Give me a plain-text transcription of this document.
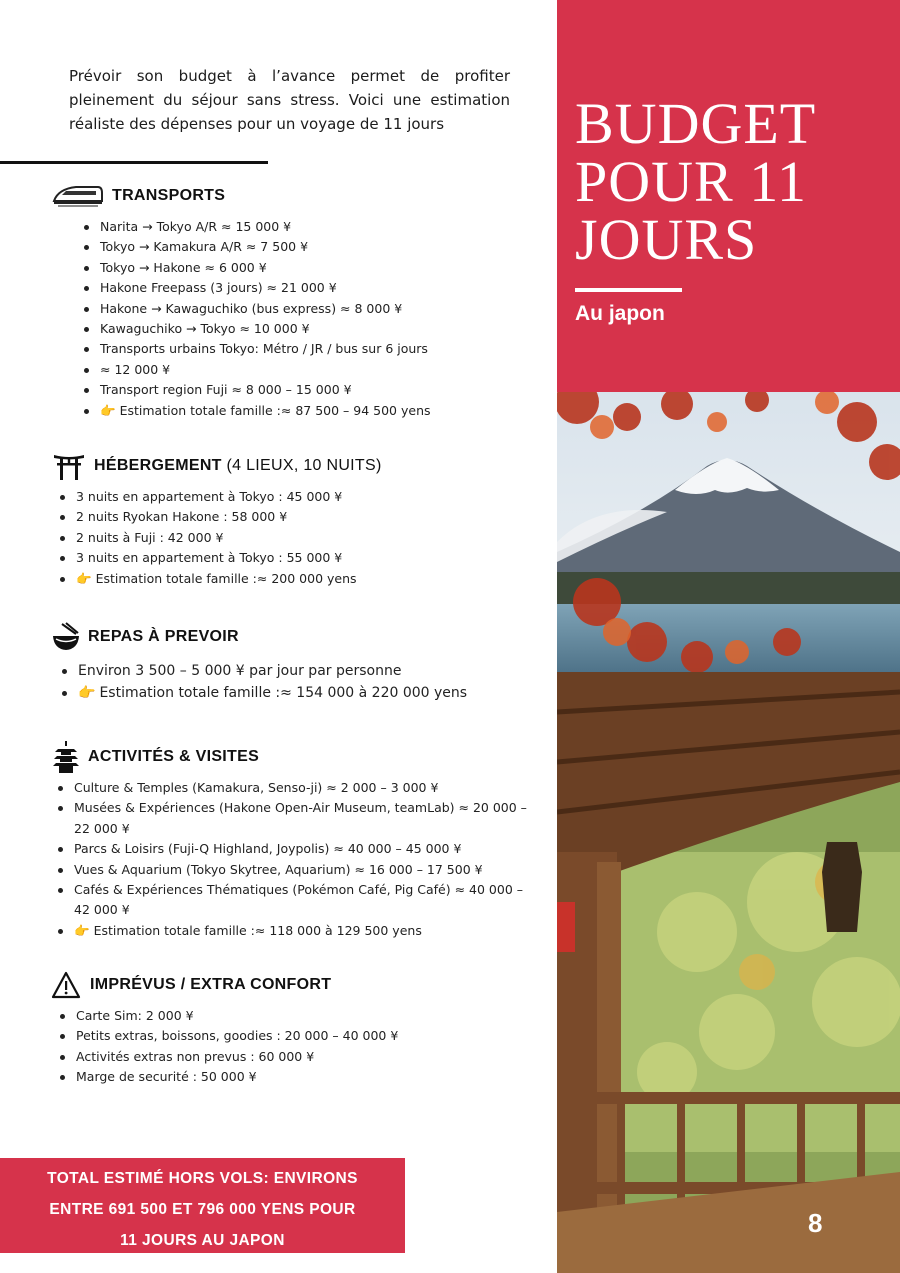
Prévoir son budget à l’avance permet de profiter pleinement du séjour sans stress. Voici une estimation réaliste des dépenses pour un voyage de 11 jours

TRANSPORTS
Narita → Tokyo A/R ≈ 15 000 ¥
Tokyo → Kamakura A/R ≈ 7 500 ¥
Tokyo → Hakone ≈ 6 000 ¥
Hakone Freepass (3 jours) ≈ 21 000 ¥
Hakone → Kawaguchiko (bus express) ≈ 8 000 ¥
Kawaguchiko → Tokyo ≈ 10 000 ¥
Transports urbains Tokyo: Métro / JR / bus sur 6 jours
≈ 12 000 ¥
Transport region Fuji ≈ 8 000 – 15 000 ¥
👉 Estimation totale famille :≈ 87 500 – 94 500 yens
HÉBERGEMENT (4 LIEUX, 10 NUITS)
3 nuits en appartement à Tokyo : 45 000 ¥
2 nuits Ryokan Hakone : 58 000 ¥
2 nuits à Fuji : 42 000 ¥
3 nuits en appartement à Tokyo : 55 000 ¥
👉 Estimation totale famille :≈ 200 000 yens
REPAS À PREVOIR
Environ 3 500 – 5 000 ¥ par jour par personne
👉 Estimation totale famille :≈ 154 000 à 220 000 yens
ACTIVITÉS & VISITES
Culture & Temples (Kamakura, Senso-ji) ≈ 2 000 – 3 000 ¥
Musées & Expériences (Hakone Open-Air Museum, teamLab) ≈ 20 000 – 22 000 ¥
Parcs & Loisirs (Fuji-Q Highland, Joypolis) ≈ 40 000 – 45 000 ¥
Vues & Aquarium (Tokyo Skytree, Aquarium) ≈ 16 000 – 17 500 ¥
Cafés & Expériences Thématiques (Pokémon Café, Pig Café) ≈ 40 000 – 42 000 ¥
👉 Estimation totale famille :≈ 118 000 à 129 500 yens
IMPRÉVUS / EXTRA CONFORT
Carte Sim: 2 000 ¥
Petits extras, boissons, goodies : 20 000 – 40 000 ¥
Activités extras non prevus : 60 000 ¥
Marge de securité : 50 000 ¥
TOTAL ESTIMÉ HORS VOLS: ENVIRONS
ENTRE 691 500 ET 796 000 YENS POUR
11 JOURS AU JAPON
BUDGET
POUR 11
JOURS
Au japon
8
